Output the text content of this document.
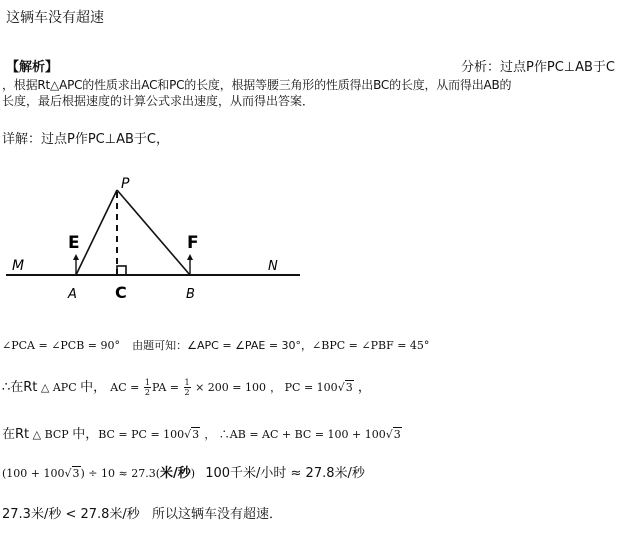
这辆车没有超速
【解析】	分析：过点P作PC⊥AB于C
，根据Rt△APC的性质求出AC和PC的长度，根据等腰三角形的性质得出BC的长度，从而得出AB的
长度，最后根据速度的计算公式求出速度，从而得出答案．
详解：过点P作PC⊥AB于C，
P
E	F
M	N
A C	B
∠PCA = ∠PCB = 90° 由题可知：∠APC = ∠PAE = 30°，∠BPC = ∠PBF = 45°
∴在Rt △ APC 中， AC = $\frac{1}{2}$ PA = $\frac{1}{2} \times 200 = 100$ ， PC = 100√3 ，
在Rt △ BCP 中，BC = PC = 100√3 ， ∴AB = AC + BC = 100 + 100√3
(100 + 100√3) ÷ 10 ≈ 27.3(米/秒) 100千米/小时 ≈ 27.8米/秒
27.3米/秒 < 27.8米/秒 所以这辆车没有超速．
